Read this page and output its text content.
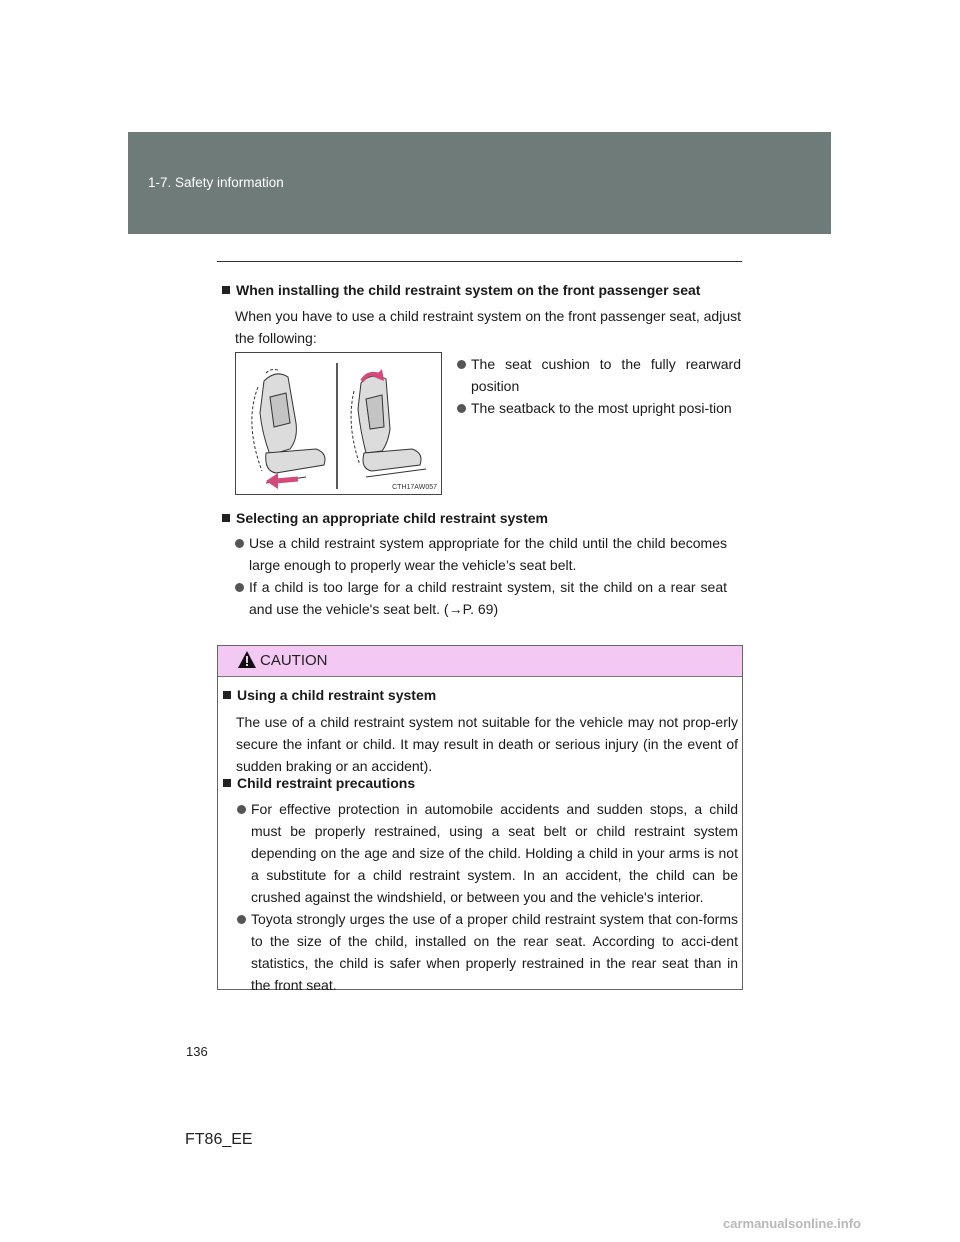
1-7. Safety information
When installing the child restraint system on the front passenger seat
When you have to use a child restraint system on the front passenger seat, adjust the following:
CTH17AW057
The seat cushion to the fully rearward position
The seatback to the most upright posi-tion
Selecting an appropriate child restraint system
Use a child restraint system appropriate for the child until the child becomes large enough to properly wear the vehicle’s seat belt.
If a child is too large for a child restraint system, sit the child on a rear seat and use the vehicle's seat belt. (→P. 69)
CAUTION
Using a child restraint system
The use of a child restraint system not suitable for the vehicle may not prop-erly secure the infant or child. It may result in death or serious injury (in the event of sudden braking or an accident).
Child restraint precautions
For effective protection in automobile accidents and sudden stops, a child must be properly restrained, using a seat belt or child restraint system depending on the age and size of the child. Holding a child in your arms is not a substitute for a child restraint system. In an accident, the child can be crushed against the windshield, or between you and the vehicle's interior.
Toyota strongly urges the use of a proper child restraint system that con-forms to the size of the child, installed on the rear seat. According to acci-dent statistics, the child is safer when properly restrained in the rear seat than in the front seat.
136
FT86_EE
carmanualsonline.info
